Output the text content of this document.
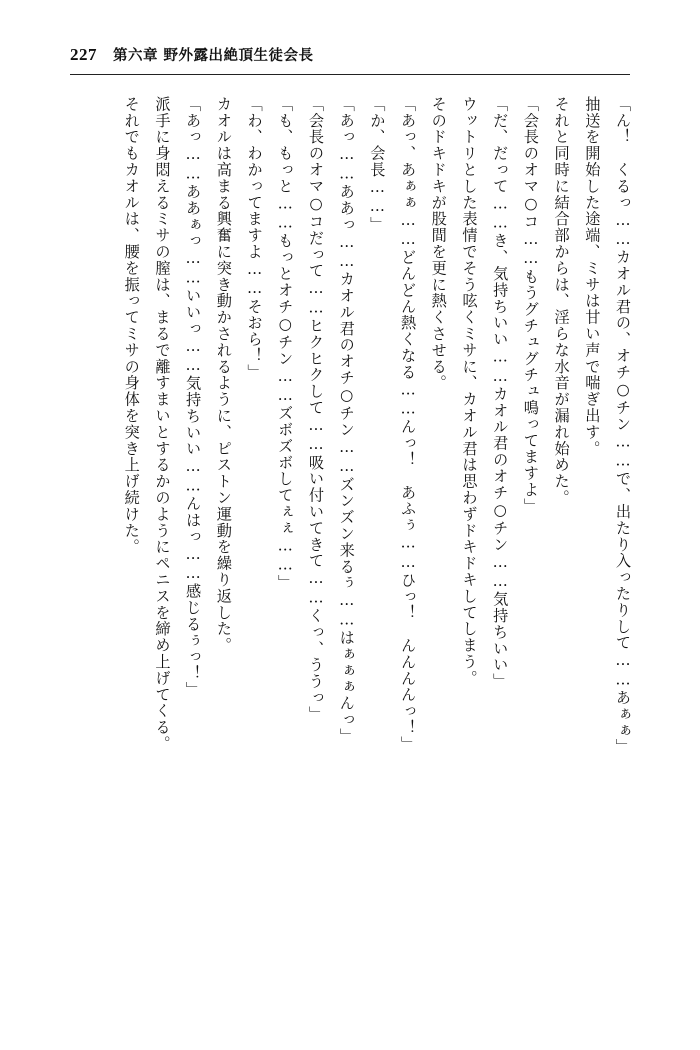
227 第六章 野外露出絶頂生徒会長

「ん！　くるっ……カオル君の、オチ○チン……で、出たり入ったりして……あぁぁ」

抽送を開始した途端、ミサは甘い声で喘ぎ出す。

それと同時に結合部からは、淫らな水音が漏れ始めた。

「会長のオマ○コ……もうグチュグチュ鳴ってますよ」

「だ、だって……き、気持ちいい……カオル君のオチ○チン……気持ちいい」

ウットリとした表情でそう呟くミサに、カオル君は思わずドキドキしてしまう。

そのドキドキが股間を更に熱くさせる。

「あっ、あぁぁ……どんどん熱くなる……んっ！　あふぅ……ひっ！　んんんんっ！」

「か、会長……」

「あっ……ああっ……カオル君のオチ○チン……ズンズン来るぅ……はぁぁぁんっ」

「会長のオマ○コだって……ヒクヒクして……吸い付いてきて……くっ、ううっ」

「も、もっと……もっとオチ○チン……ズボズボしてぇぇ……」

「わ、わかってますよ……そおら！」

カオルは高まる興奮に突き動かされるように、ピストン運動を繰り返した。

「あっ……ああぁっ……いいっ……気持ちいい……んはっ……感じるぅっ！」

派手に身悶えるミサの膣は、まるで離すまいとするかのようにペニスを締め上げてくる。

それでもカオルは、腰を振ってミサの身体を突き上げ続けた。
